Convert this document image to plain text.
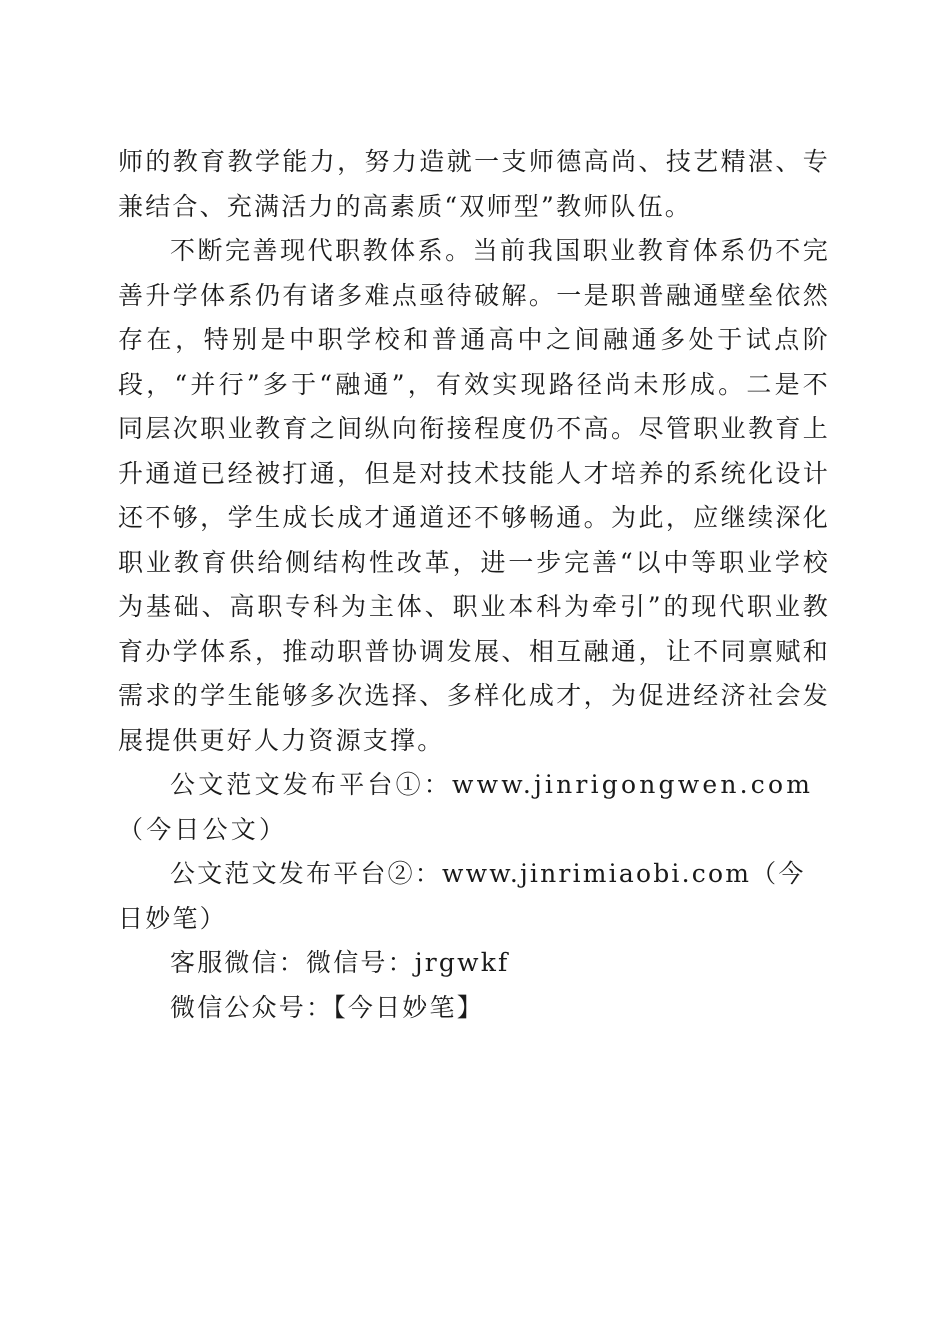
师的教育教学能力，努力造就一支师德高尚、技艺精湛、专兼结合、充满活力的高素质“双师型”教师队伍。

不断完善现代职教体系。当前我国职业教育体系仍不完善升学体系仍有诸多难点亟待破解。一是职普融通壁垒依然存在，特别是中职学校和普通高中之间融通多处于试点阶段，“并行”多于“融通”，有效实现路径尚未形成。二是不同层次职业教育之间纵向衔接程度仍不高。尽管职业教育上升通道已经被打通，但是对技术技能人才培养的系统化设计还不够，学生成长成才通道还不够畅通。为此，应继续深化职业教育供给侧结构性改革，进一步完善“以中等职业学校为基础、高职专科为主体、职业本科为牵引”的现代职业教育办学体系，推动职普协调发展、相互融通，让不同禀赋和需求的学生能够多次选择、多样化成才，为促进经济社会发展提供更好人力资源支撑。

公文范文发布平台①：www.jinrigongwen.com（今日公文）

公文范文发布平台②：www.jinrimiaobi.com（今日妙笔）

客服微信：微信号：jrgwkf

微信公众号：【今日妙笔】
